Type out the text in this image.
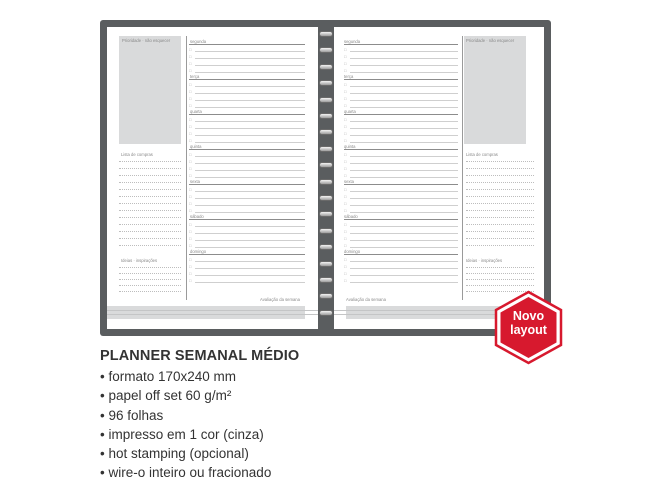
Prioridade · não esquecer
Lista de compras
Ideias · inspirações
Avaliação da semana
segunda
terça
quarta
quinta
sexta
sábado
domingo
□
□
□
□
□
□
□
□
□
□
□
□
□
□
□
□
□
□
□
□
□
□
□
□
□
□
□
□
Prioridade · não esquecer
Lista de compras
Ideias · inspirações
Avaliação da semana
segunda
terça
quarta
quinta
sexta
sábado
domingo
□
□
□
□
□
□
□
□
□
□
□
□
□
□
□
□
□
□
□
□
□
□
□
□
□
□
□
□
Novo
layout
PLANNER SEMANAL MÉDIO
• formato 170x240 mm
• papel off set 60 g/m²
• 96 folhas
• impresso em 1 cor (cinza)
• hot stamping (opcional)
• wire-o inteiro ou fracionado
